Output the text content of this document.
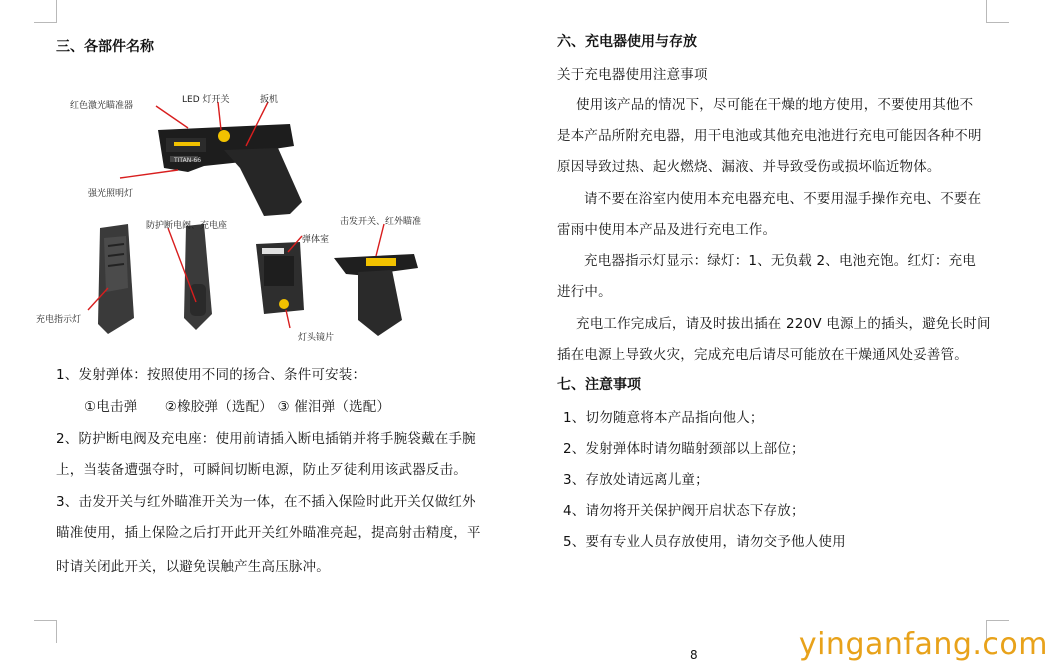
三、各部件名称
TITAN-66
红色激光瞄准器
LED 灯开关	扳机
强光照明灯
防护断电阀、充电座	击发开关、红外瞄准
弹体室
充电指示灯
灯头镜片
1、发射弹体：按照使用不同的扬合、条件可安装：
①电击弹　　②橡胶弹（选配） ③ 催泪弹（选配）
2、防护断电阀及充电座：使用前请插入断电插销并将手腕袋戴在手腕
上，当装备遭强夺时，可瞬间切断电源，防止歹徒利用该武器反击。
3、击发开关与红外瞄准开关为一体，在不插入保险时此开关仅做红外
瞄准使用，插上保险之后打开此开关红外瞄准亮起，提高射击精度，平
时请关闭此开关，以避免误触产生高压脉冲。
六、充电器使用与存放
关于充电器使用注意事项
使用该产品的情况下，尽可能在干燥的地方使用，不要使用其他不
是本产品所附充电器，用干电池或其他充电池进行充电可能因各种不明
原因导致过热、起火燃烧、漏液、并导致受伤或损坏临近物体。
请不要在浴室内使用本充电器充电、不要用湿手操作充电、不要在
雷雨中使用本产品及进行充电工作。
充电器指示灯显示：绿灯：1、无负载 2、电池充饱。红灯：充电
进行中。
充电工作完成后，请及时拔出插在 220V 电源上的插头，避免长时间
插在电源上导致火灾，完成充电后请尽可能放在干燥通风处妥善管。
七、注意事项
1、切勿随意将本产品指向他人；
2、发射弹体时请勿瞄射颈部以上部位；
3、存放处请远离儿童；
4、请勿将开关保护阀开启状态下存放；
5、要有专业人员存放使用，请勿交予他人使用
8	yinganfang.com
